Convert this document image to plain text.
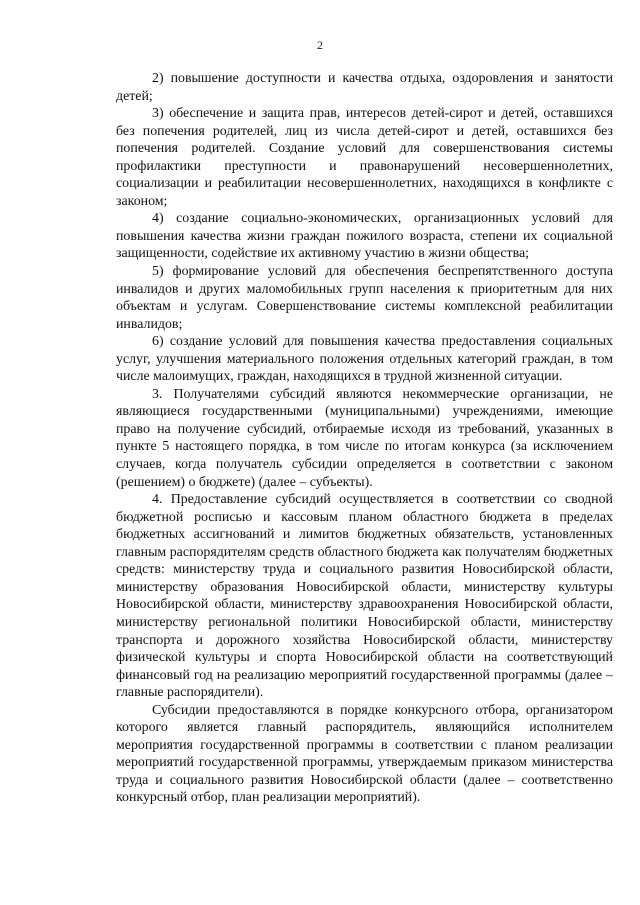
2

2) повышение доступности и качества отдыха, оздоровления и занятости детей;

3) обеспечение и защита прав, интересов детей-сирот и детей, оставшихся без попечения родителей, лиц из числа детей-сирот и детей, оставшихся без попечения родителей. Создание условий для совершенствования системы профилактики преступности и правонарушений несовершеннолетних, социализации и реабилитации несовершеннолетних, находящихся в конфликте с законом;

4) создание социально-экономических, организационных условий для повышения качества жизни граждан пожилого возраста, степени их социальной защищенности, содействие их активному участию в жизни общества;

5) формирование условий для обеспечения беспрепятственного доступа инвалидов и других маломобильных групп населения к приоритетным для них объектам и услугам. Совершенствование системы комплексной реабилитации инвалидов;

6) создание условий для повышения качества предоставления социальных услуг, улучшения материального положения отдельных категорий граждан, в том числе малоимущих, граждан, находящихся в трудной жизненной ситуации.

3. Получателями субсидий являются некоммерческие организации, не являющиеся государственными (муниципальными) учреждениями, имеющие право на получение субсидий, отбираемые исходя из требований, указанных в пункте 5 настоящего порядка, в том числе по итогам конкурса (за исключением случаев, когда получатель субсидии определяется в соответствии с законом (решением) о бюджете) (далее – субъекты).

4. Предоставление субсидий осуществляется в соответствии со сводной бюджетной росписью и кассовым планом областного бюджета в пределах бюджетных ассигнований и лимитов бюджетных обязательств, установленных главным распорядителям средств областного бюджета как получателям бюджетных средств: министерству труда и социального развития Новосибирской области, министерству образования Новосибирской области, министерству культуры Новосибирской области, министерству здравоохранения Новосибирской области, министерству региональной политики Новосибирской области, министерству транспорта и дорожного хозяйства Новосибирской области, министерству физической культуры и спорта Новосибирской области на соответствующий финансовый год на реализацию мероприятий государственной программы (далее – главные распорядители).

Субсидии предоставляются в порядке конкурсного отбора, организатором которого является главный распорядитель, являющийся исполнителем мероприятия государственной программы в соответствии с планом реализации мероприятий государственной программы, утверждаемым приказом министерства труда и социального развития Новосибирской области (далее – соответственно конкурсный отбор, план реализации мероприятий).
